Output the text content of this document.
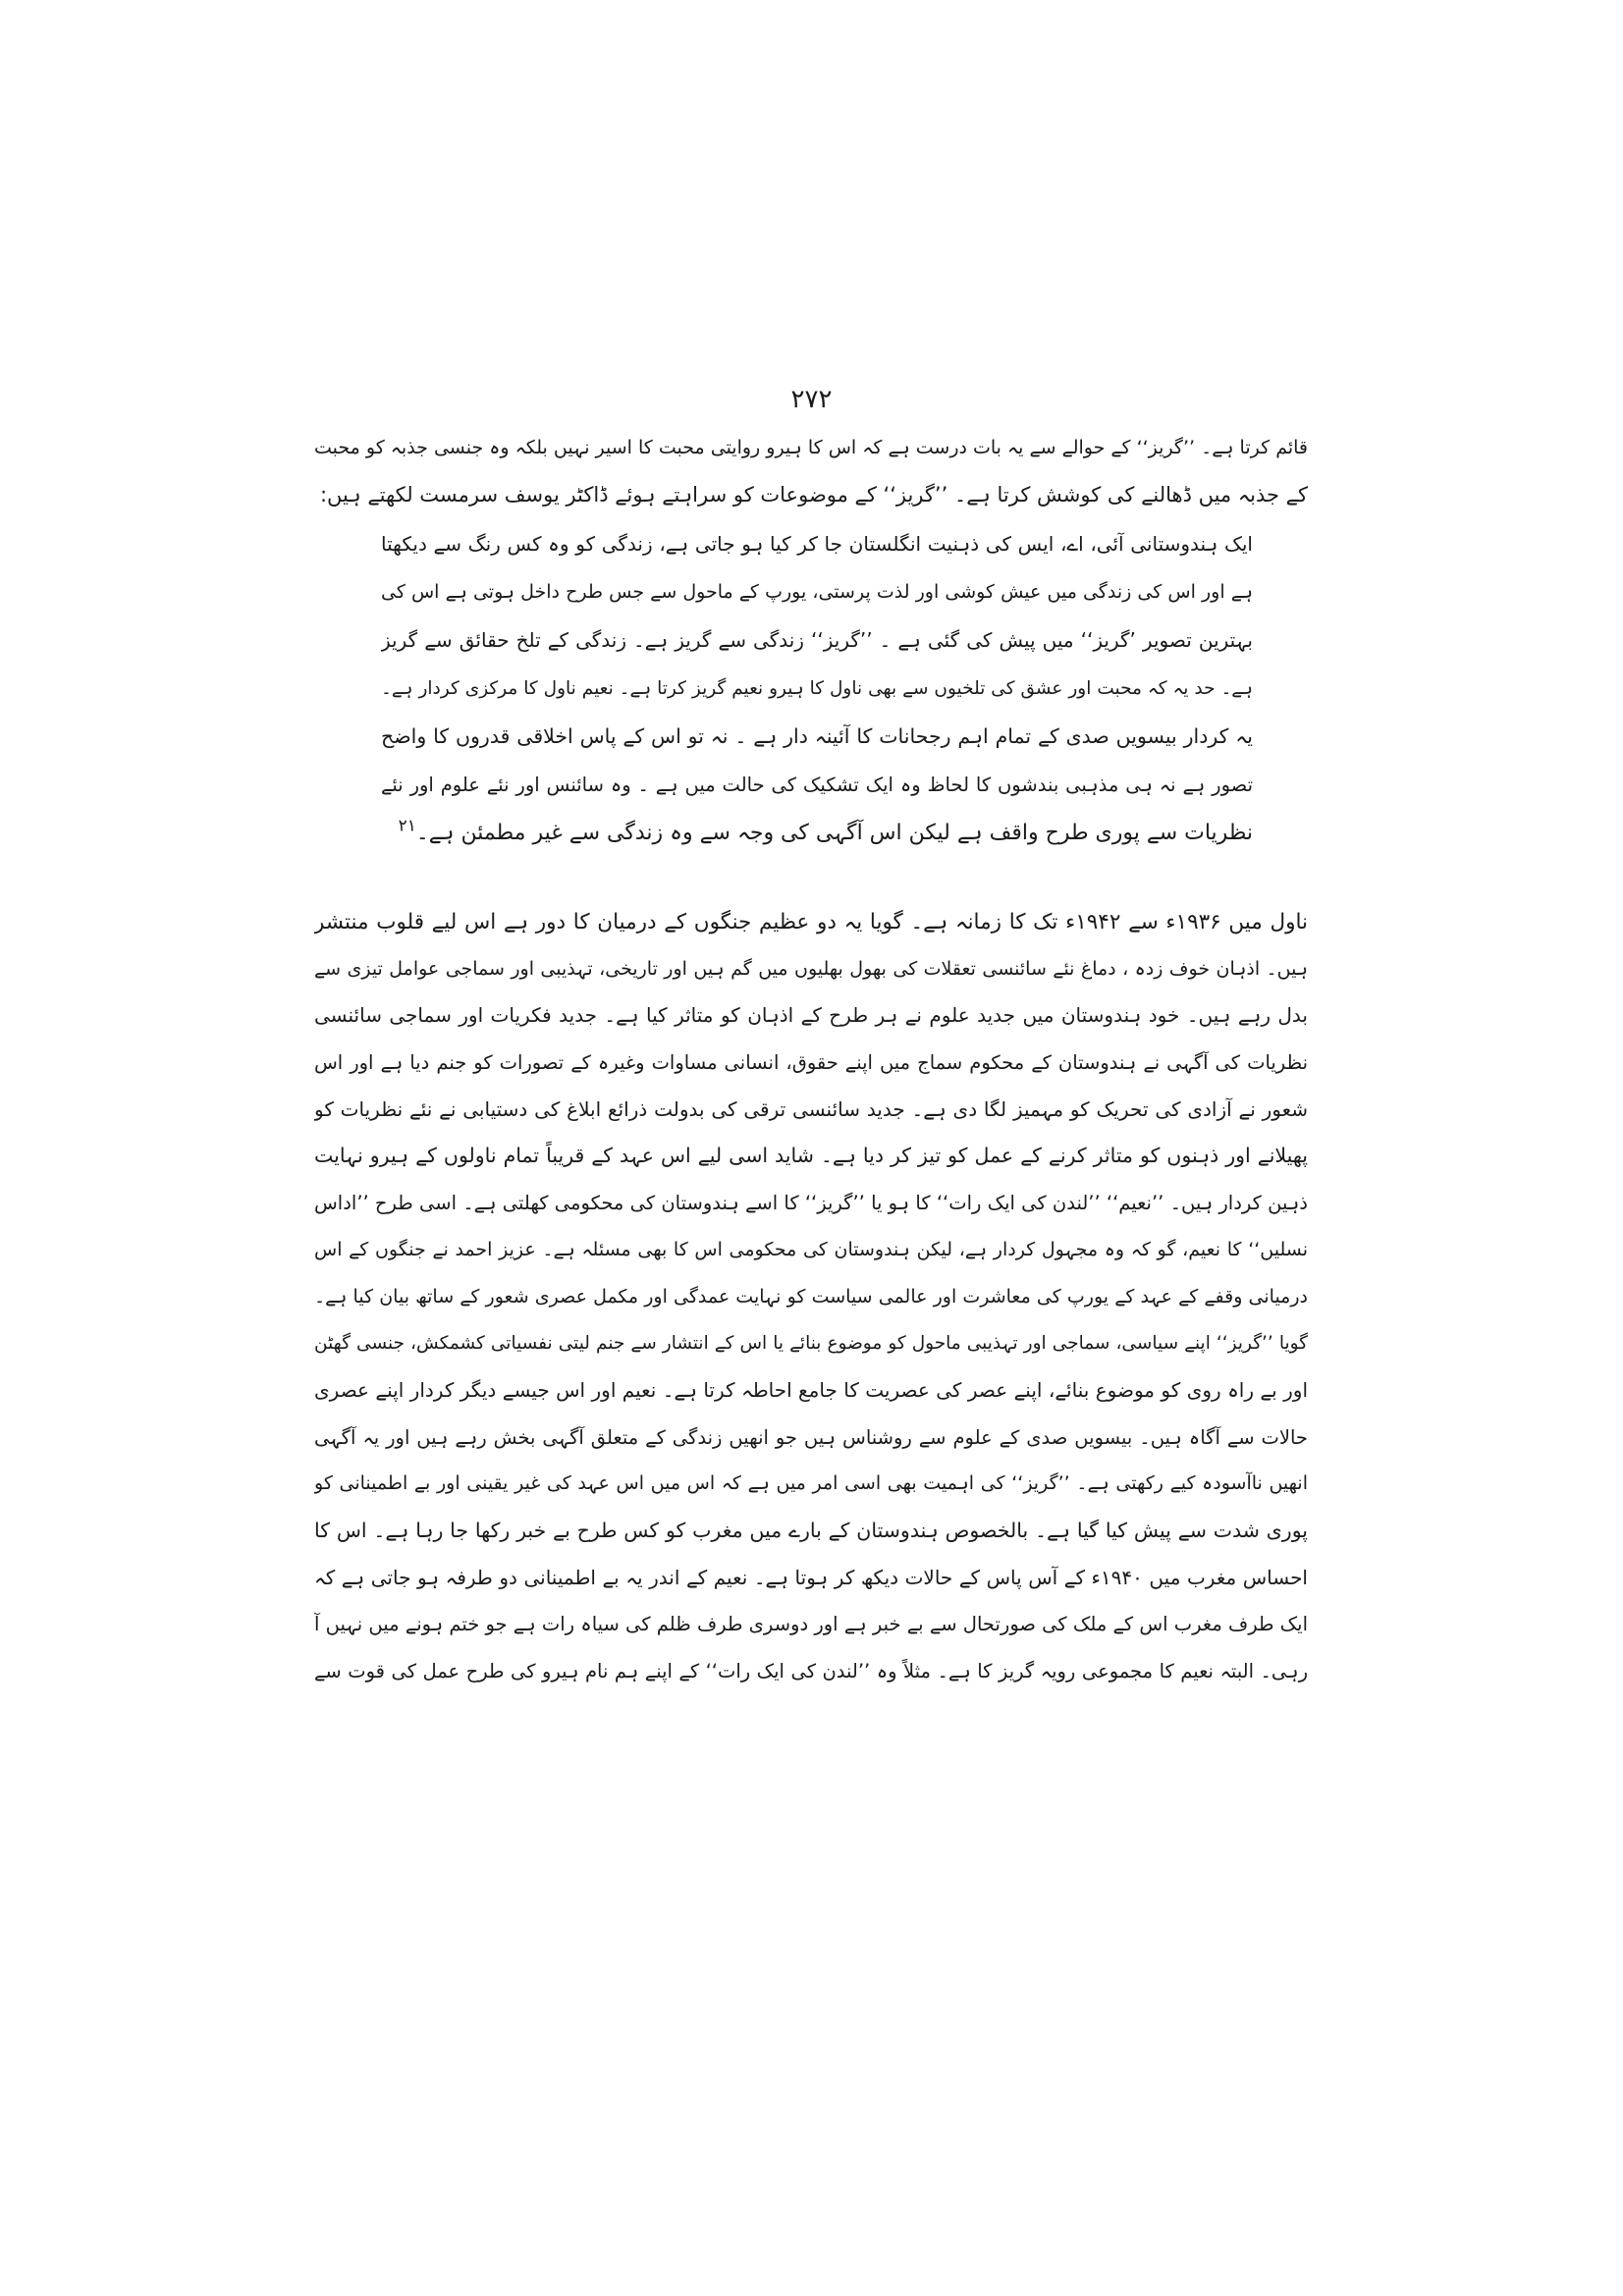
۲۷۲
قائم کرتا ہے۔ ’’گریز‘‘ کے حوالے سے یہ بات درست ہے کہ اس کا ہیرو روایتی محبت کا اسیر نہیں بلکہ وہ جنسی جذبہ کو محبت
کے جذبہ میں ڈھالنے کی کوشش کرتا ہے۔ ’’گریز‘‘ کے موضوعات کو سراہتے ہوئے ڈاکٹر یوسف سرمست لکھتے ہیں:
ایک ہندوستانی آئی، اے، ایس کی ذہنیت انگلستان جا کر کیا ہو جاتی ہے، زندگی کو وہ کس رنگ سے دیکھتا
ہے اور اس کی زندگی میں عیش کوشی اور لذت پرستی، یورپ کے ماحول سے جس طرح داخل ہوتی ہے اس کی
بہترین تصویر ’گریز‘‘ میں پیش کی گئی ہے ۔ ’’گریز‘‘ زندگی سے گریز ہے۔ زندگی کے تلخ حقائق سے گریز
ہے۔ حد یہ کہ محبت اور عشق کی تلخیوں سے بھی ناول کا ہیرو نعیم گریز کرتا ہے۔ نعیم ناول کا مرکزی کردار ہے۔
یہ کردار بیسویں صدی کے تمام اہم رجحانات کا آئینہ دار ہے ۔ نہ تو اس کے پاس اخلاقی قدروں کا واضح
تصور ہے نہ ہی مذہبی بندشوں کا لحاظ وہ ایک تشکیک کی حالت میں ہے ۔ وہ سائنس اور نئے علوم اور نئے
نظریات سے پوری طرح واقف ہے لیکن اس آگہی کی وجہ سے وہ زندگی سے غیر مطمئن ہے۔$^{۲۱}$
ناول میں ۱۹۳۶ء سے ۱۹۴۲ء تک کا زمانہ ہے۔ گویا یہ دو عظیم جنگوں کے درمیان کا دور ہے اس لیے قلوب منتشر
ہیں۔ اذہان خوف زدہ ، دماغ نئے سائنسی تعقلات کی بھول بھلیوں میں گم ہیں اور تاریخی، تہذیبی اور سماجی عوامل تیزی سے
بدل رہے ہیں۔ خود ہندوستان میں جدید علوم نے ہر طرح کے اذہان کو متاثر کیا ہے۔ جدید فکریات اور سماجی سائنسی
نظریات کی آگہی نے ہندوستان کے محکوم سماج میں اپنے حقوق، انسانی مساوات وغیرہ کے تصورات کو جنم دیا ہے اور اس
شعور نے آزادی کی تحریک کو مہمیز لگا دی ہے۔ جدید سائنسی ترقی کی بدولت ذرائع ابلاغ کی دستیابی نے نئے نظریات کو
پھیلانے اور ذہنوں کو متاثر کرنے کے عمل کو تیز کر دیا ہے۔ شاید اسی لیے اس عہد کے قریباً تمام ناولوں کے ہیرو نہایت
ذہین کردار ہیں۔ ’’نعیم‘‘ ’’لندن کی ایک رات‘‘ کا ہو یا ’’گریز‘‘ کا اسے ہندوستان کی محکومی کھلتی ہے۔ اسی طرح ’’اداس
نسلیں‘‘ کا نعیم، گو کہ وہ مجہول کردار ہے، لیکن ہندوستان کی محکومی اس کا بھی مسئلہ ہے۔ عزیز احمد نے جنگوں کے اس
درمیانی وقفے کے عہد کے یورپ کی معاشرت اور عالمی سیاست کو نہایت عمدگی اور مکمل عصری شعور کے ساتھ بیان کیا ہے۔
گویا ’’گریز‘‘ اپنے سیاسی، سماجی اور تہذیبی ماحول کو موضوع بنائے یا اس کے انتشار سے جنم لیتی نفسیاتی کشمکش، جنسی گھٹن
اور بے راہ روی کو موضوع بنائے، اپنے عصر کی عصریت کا جامع احاطہ کرتا ہے۔ نعیم اور اس جیسے دیگر کردار اپنے عصری
حالات سے آگاہ ہیں۔ بیسویں صدی کے علوم سے روشناس ہیں جو انھیں زندگی کے متعلق آگہی بخش رہے ہیں اور یہ آگہی
انھیں ناآسودہ کیے رکھتی ہے۔ ’’گریز‘‘ کی اہمیت بھی اسی امر میں ہے کہ اس میں اس عہد کی غیر یقینی اور بے اطمینانی کو
پوری شدت سے پیش کیا گیا ہے۔ بالخصوص ہندوستان کے بارے میں مغرب کو کس طرح بے خبر رکھا جا رہا ہے۔ اس کا
احساس مغرب میں ۱۹۴۰ء کے آس پاس کے حالات دیکھ کر ہوتا ہے۔ نعیم کے اندر یہ بے اطمینانی دو طرفہ ہو جاتی ہے کہ
ایک طرف مغرب اس کے ملک کی صورتحال سے بے خبر ہے اور دوسری طرف ظلم کی سیاہ رات ہے جو ختم ہونے میں نہیں آ
رہی۔ البتہ نعیم کا مجموعی رویہ گریز کا ہے۔ مثلاً وہ ’’لندن کی ایک رات‘‘ کے اپنے ہم نام ہیرو کی طرح عمل کی قوت سے
